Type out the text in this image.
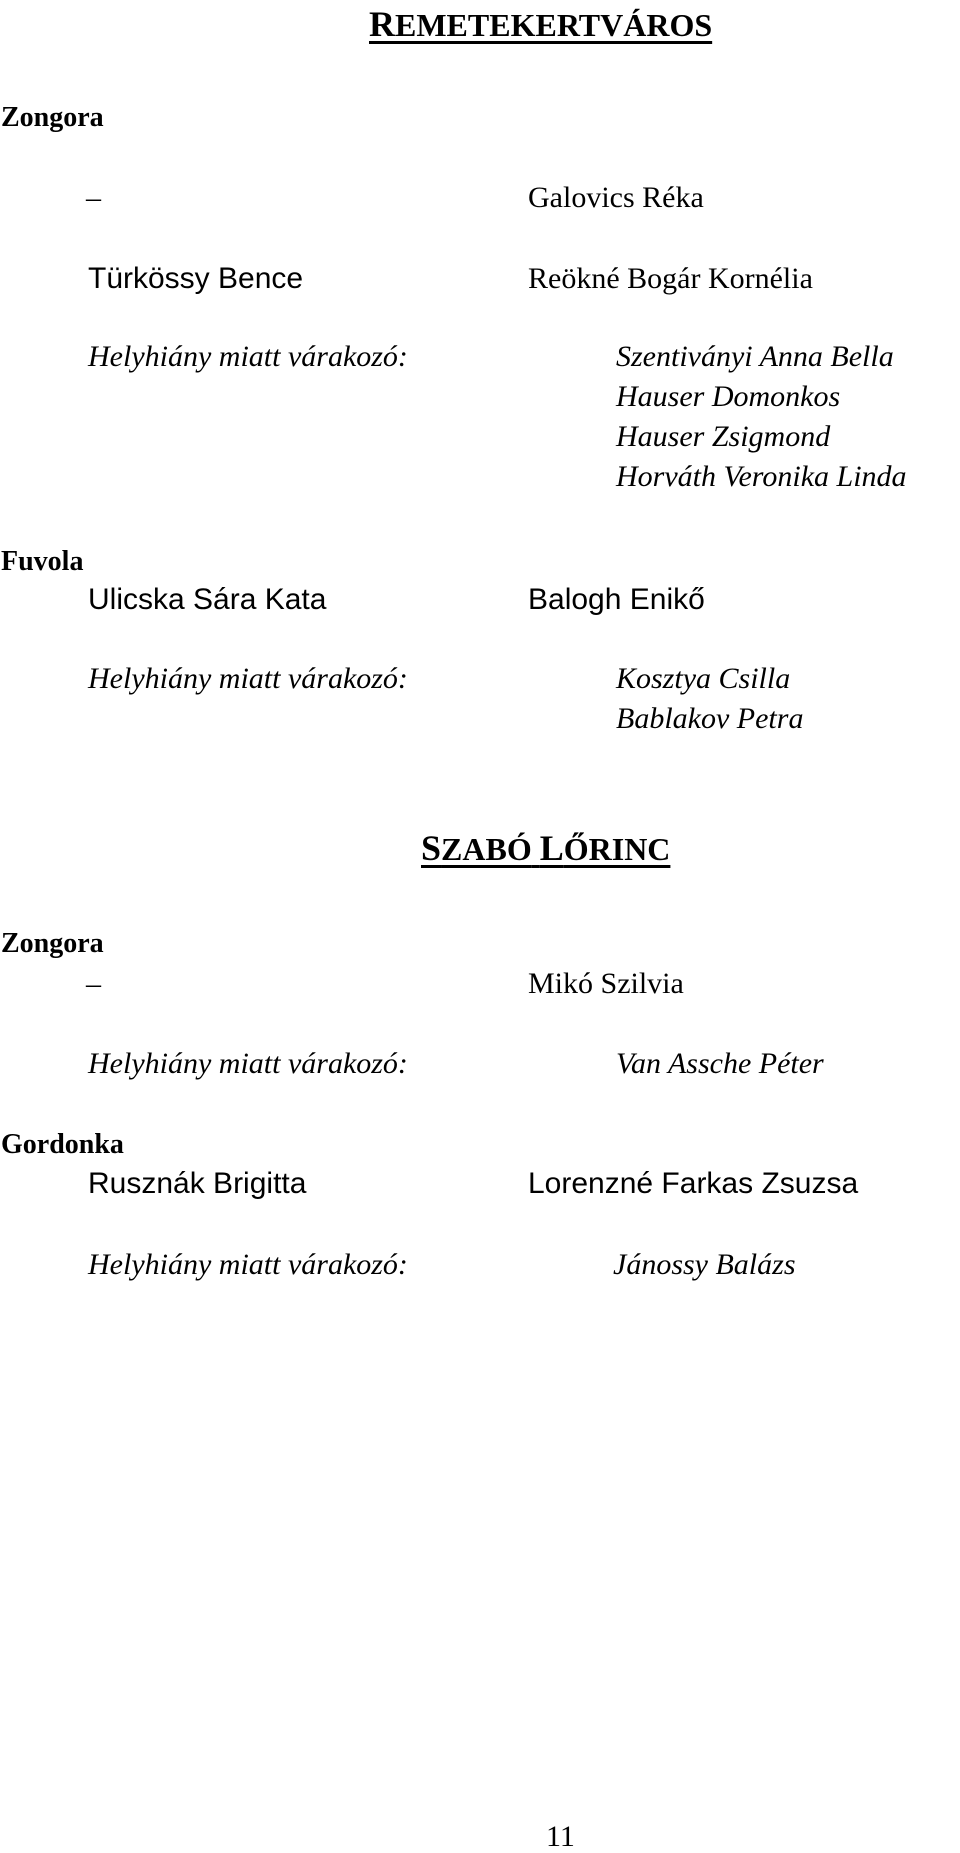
REMETEKERTVÁROS
Zongora
–	Galovics Réka
Türkössy Bence	Reökné Bogár Kornélia
Helyhiány miatt várakozó:	Szentiványi Anna Bella
Hauser Domonkos
Hauser Zsigmond
Horváth Veronika Linda
Fuvola
Ulicska Sára Kata	Balogh Enikő
Helyhiány miatt várakozó:	Kosztya Csilla
Bablakov Petra
SZABÓ LŐRINC
Zongora
–	Mikó Szilvia
Helyhiány miatt várakozó:	Van Assche Péter
Gordonka
Rusznák Brigitta	Lorenzné Farkas Zsuzsa
Helyhiány miatt várakozó:	Jánossy Balázs
11
